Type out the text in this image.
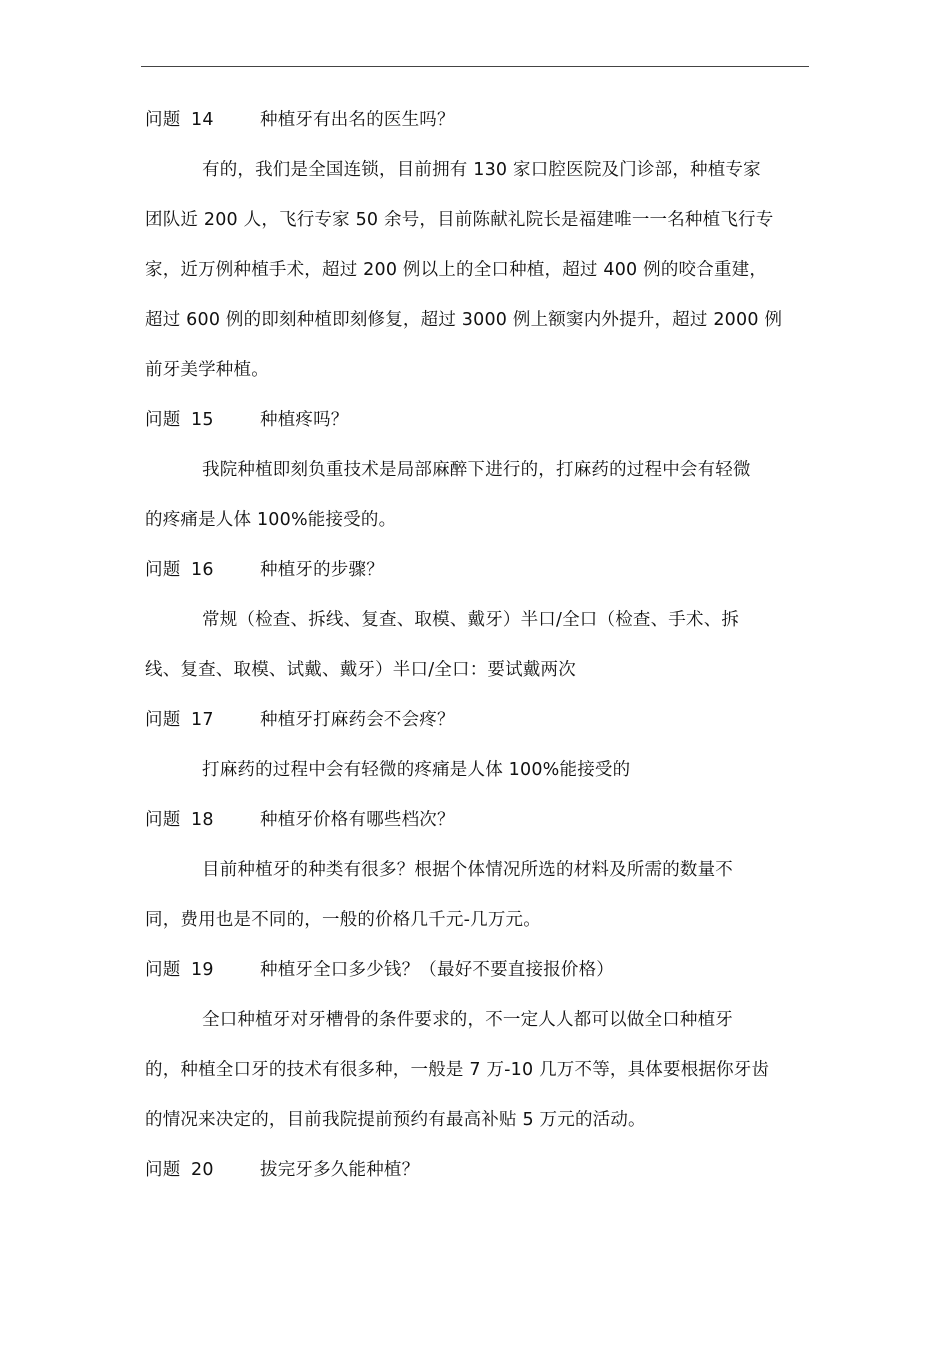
问题 14	种植牙有出名的医生吗？
有的，我们是全国连锁，目前拥有 130 家口腔医院及门诊部，种植专家
团队近 200 人，飞行专家 50 余号，目前陈献礼院长是福建唯一一名种植飞行专
家，近万例种植手术，超过 200 例以上的全口种植，超过 400 例的咬合重建，
超过 600 例的即刻种植即刻修复，超过 3000 例上额窦内外提升，超过 2000 例
前牙美学种植。
问题 15	种植疼吗？
我院种植即刻负重技术是局部麻醉下进行的，打麻药的过程中会有轻微
的疼痛是人体 100%能接受的。
问题 16	种植牙的步骤？
常规（检查、拆线、复查、取模、戴牙）半口/全口（检查、手术、拆
线、复查、取模、试戴、戴牙）半口/全口：要试戴两次
问题 17	种植牙打麻药会不会疼？
打麻药的过程中会有轻微的疼痛是人体 100%能接受的
问题 18	种植牙价格有哪些档次？
目前种植牙的种类有很多？根据个体情况所选的材料及所需的数量不
同，费用也是不同的，一般的价格几千元-几万元。
问题 19	种植牙全口多少钱？（最好不要直接报价格）
全口种植牙对牙槽骨的条件要求的，不一定人人都可以做全口种植牙
的，种植全口牙的技术有很多种，一般是 7 万-10 几万不等，具体要根据你牙齿
的情况来决定的，目前我院提前预约有最高补贴 5 万元的活动。
问题 20	拔完牙多久能种植？
